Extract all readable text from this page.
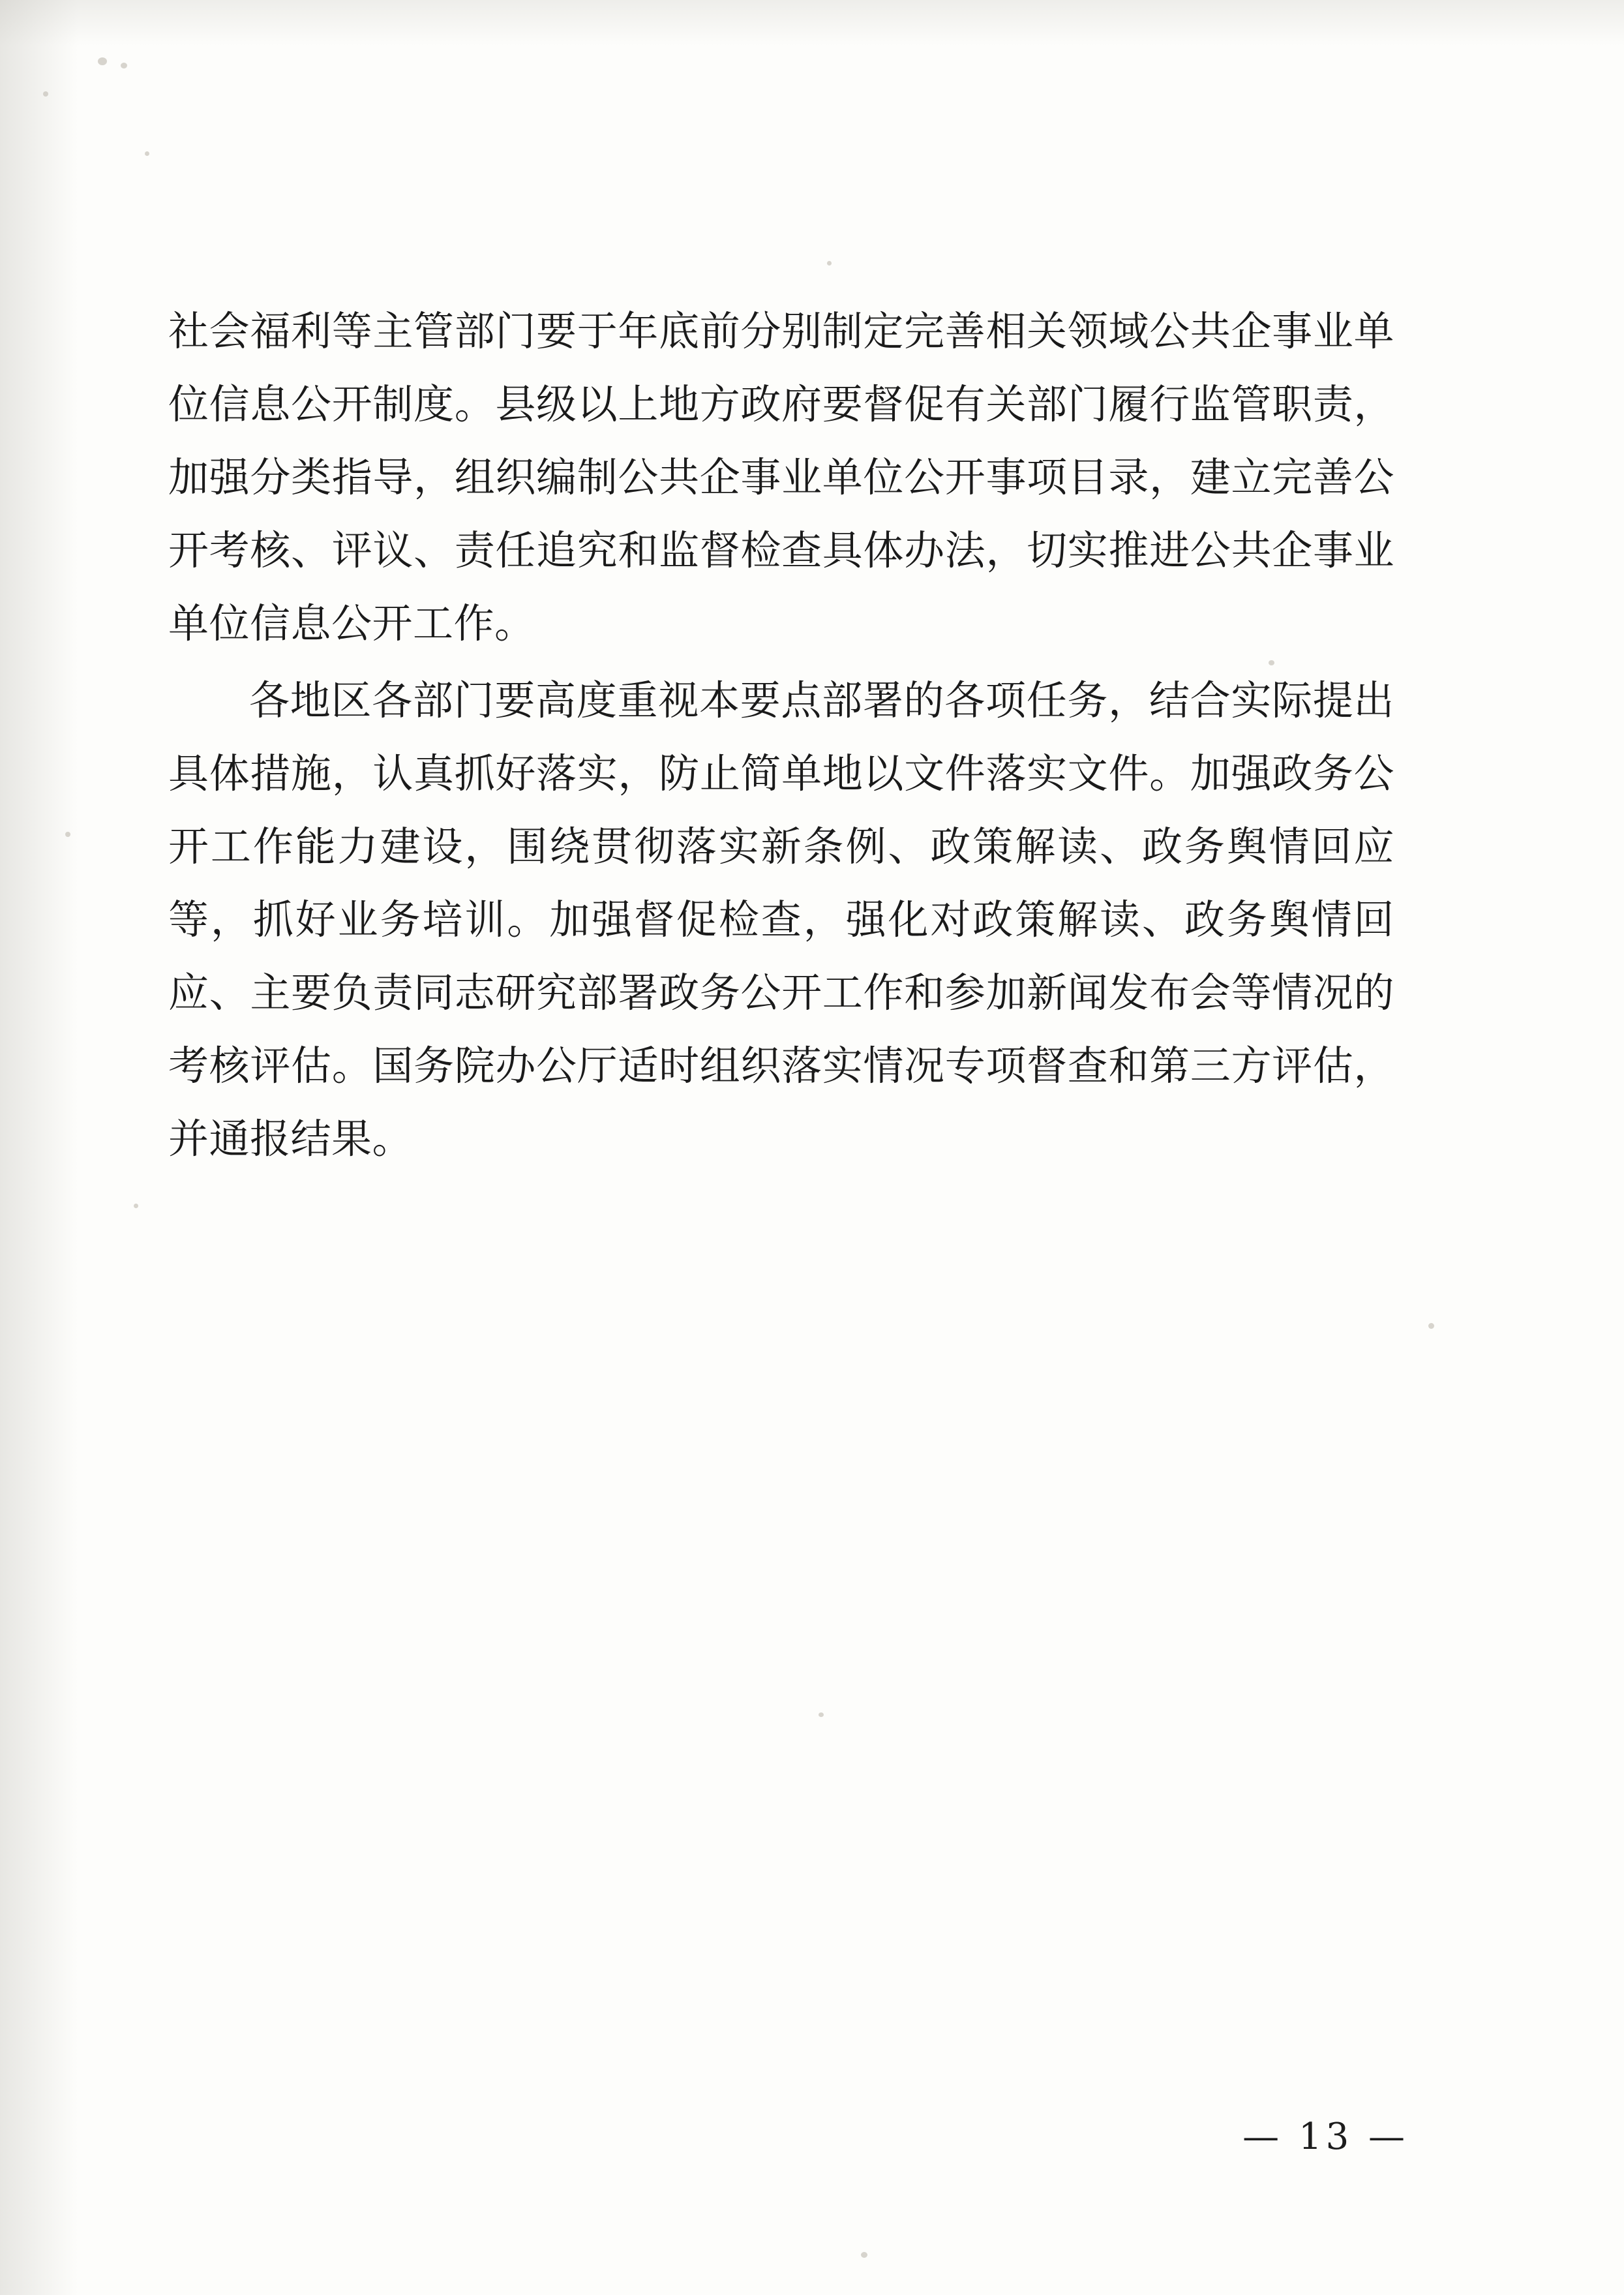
社会福利等主管部门要于年底前分别制定完善相关领域公共企事业单位信息公开制度。县级以上地方政府要督促有关部门履行监管职责，加强分类指导，组织编制公共企事业单位公开事项目录，建立完善公开考核、评议、责任追究和监督检查具体办法，切实推进公共企事业单位信息公开工作。

各地区各部门要高度重视本要点部署的各项任务，结合实际提出具体措施，认真抓好落实，防止简单地以文件落实文件。加强政务公开工作能力建设，围绕贯彻落实新条例、政策解读、政务舆情回应等，抓好业务培训。加强督促检查，强化对政策解读、政务舆情回应、主要负责同志研究部署政务公开工作和参加新闻发布会等情况的考核评估。国务院办公厅适时组织落实情况专项督查和第三方评估，并通报结果。

— 13 —
